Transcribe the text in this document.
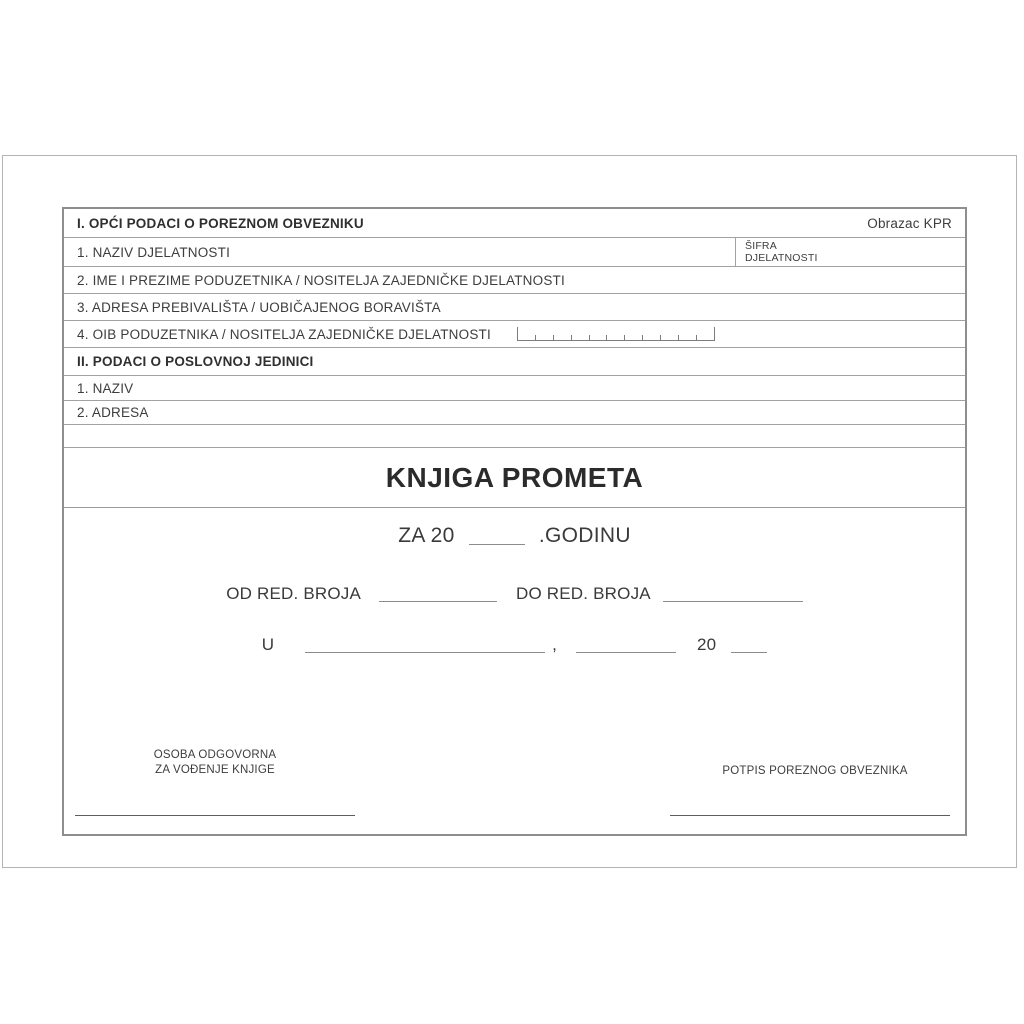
I. OPĆI PODACI O POREZNOM OBVEZNIKU	Obrazac KPR
1. NAZIV DJELATNOSTI	ŠIFRA
DJELATNOSTI
2. IME I PREZIME PODUZETNIKA / NOSITELJA ZAJEDNIČKE DJELATNOSTI
3. ADRESA PREBIVALIŠTA / UOBIČAJENOG BORAVIŠTA
4. OIB PODUZETNIKA / NOSITELJA ZAJEDNIČKE DJELATNOSTI
II. PODACI O POSLOVNOJ JEDINICI
1. NAZIV
2. ADRESA
KNJIGA PROMETA
ZA 20	.GODINU
OD RED. BROJA	DO RED. BROJA
U	,	20
OSOBA ODGOVORNA
ZA VOĐENJE KNJIGE	POTPIS POREZNOG OBVEZNIKA
